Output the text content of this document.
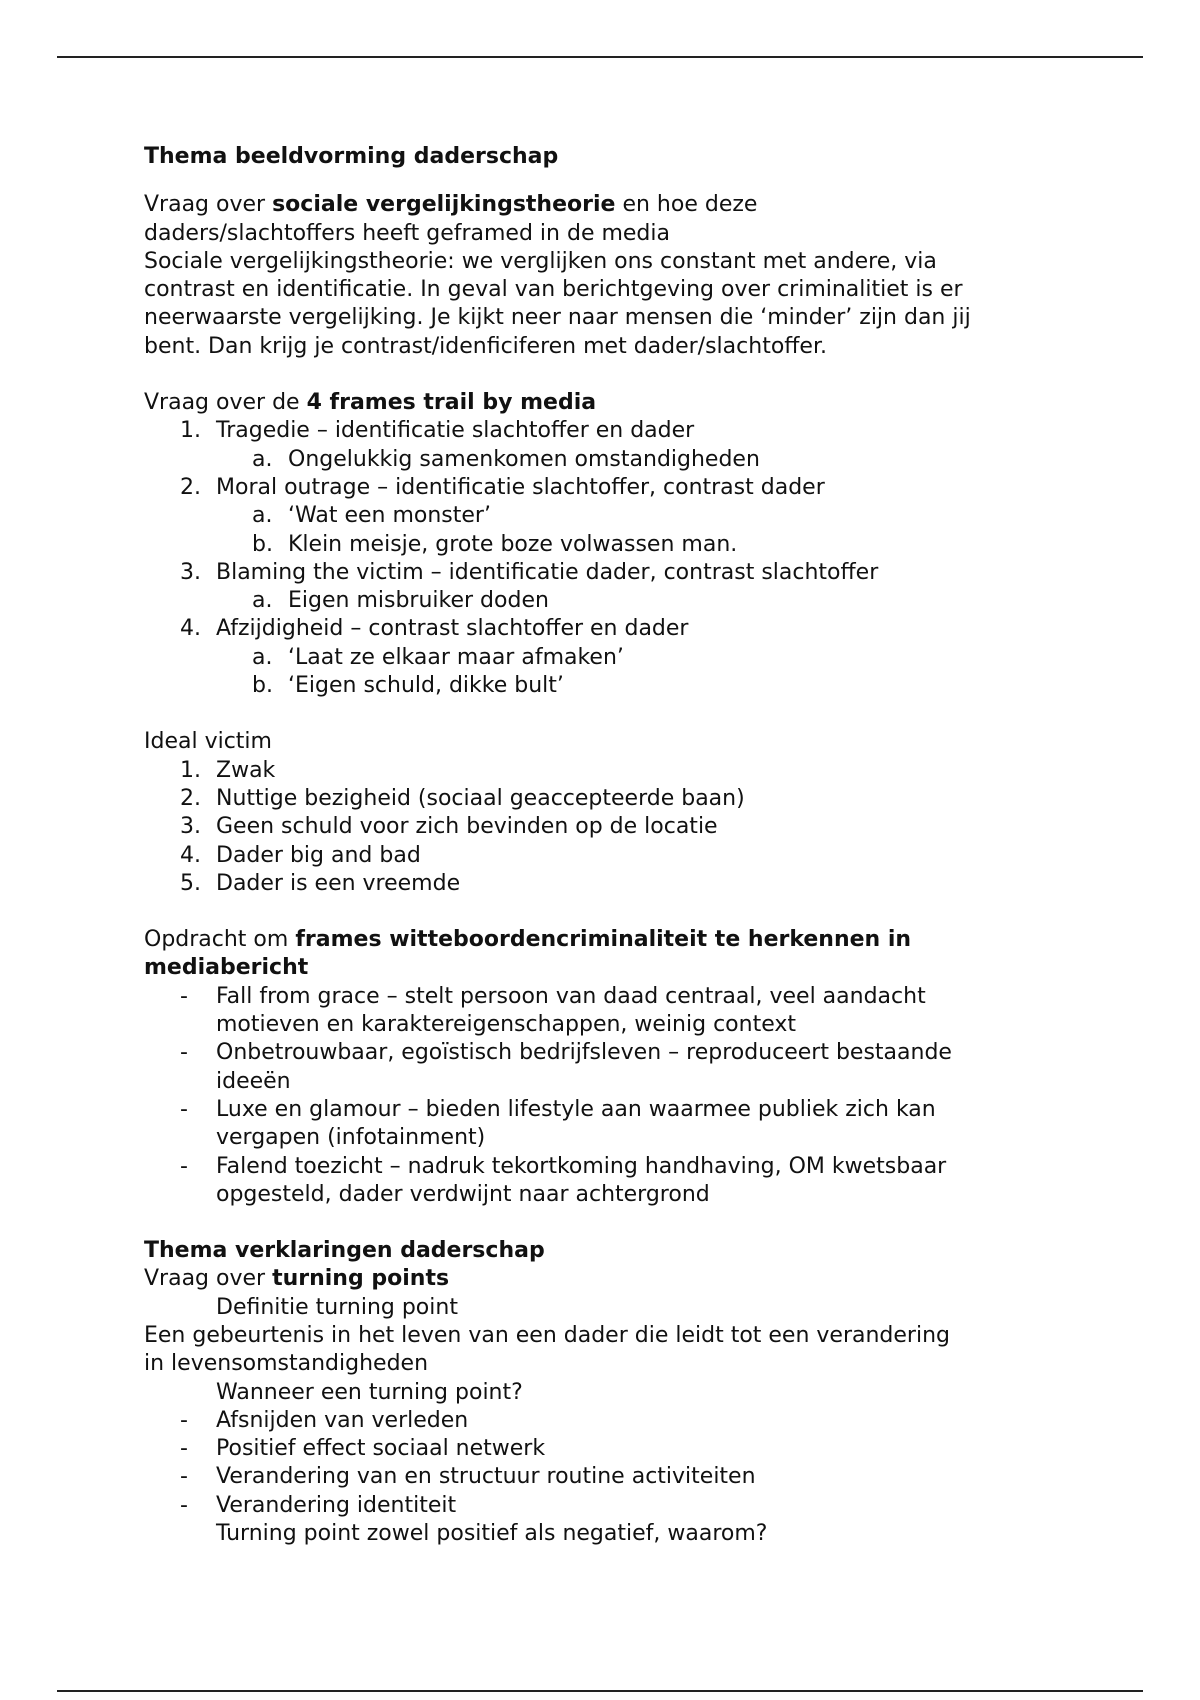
Thema beeldvorming daderschap

Vraag over sociale vergelijkingstheorie en hoe deze

daders/slachtoffers heeft geframed in de media

Sociale vergelijkingstheorie: we verglijken ons constant met andere, via

contrast en identificatie. In geval van berichtgeving over criminalitiet is er

neerwaarste vergelijking. Je kijkt neer naar mensen die ‘minder’ zijn dan jij

bent. Dan krijg je contrast/idenficiferen met dader/slachtoffer.

Vraag over de 4 frames trail by media

1. Tragedie – identificatie slachtoffer en dader
a. Ongelukkig samenkomen omstandigheden
2. Moral outrage – identificatie slachtoffer, contrast dader
a. ‘Wat een monster’
b. Klein meisje, grote boze volwassen man.
3. Blaming the victim – identificatie dader, contrast slachtoffer
a. Eigen misbruiker doden
4. Afzijdigheid – contrast slachtoffer en dader
a. ‘Laat ze elkaar maar afmaken’
b. ‘Eigen schuld, dikke bult’

Ideal victim

1. Zwak
2. Nuttige bezigheid (sociaal geaccepteerde baan)
3. Geen schuld voor zich bevinden op de locatie
4. Dader big and bad
5. Dader is een vreemde

Opdracht om frames witteboordencriminaliteit te herkennen in

mediabericht

-	Fall from grace – stelt persoon van daad centraal, veel aandacht
motieven en karaktereigenschappen, weinig context
-	Onbetrouwbaar, egoïstisch bedrijfsleven – reproduceert bestaande
ideeën
-	Luxe en glamour – bieden lifestyle aan waarmee publiek zich kan
vergapen (infotainment)
-	Falend toezicht – nadruk tekortkoming handhaving, OM kwetsbaar
opgesteld, dader verdwijnt naar achtergrond

Thema verklaringen daderschap

Vraag over turning points

Definitie turning point

Een gebeurtenis in het leven van een dader die leidt tot een verandering

in levensomstandigheden

Wanneer een turning point?

-	Afsnijden van verleden
-	Positief effect sociaal netwerk
-	Verandering van en structuur routine activiteiten
-	Verandering identiteit

Turning point zowel positief als negatief, waarom?
